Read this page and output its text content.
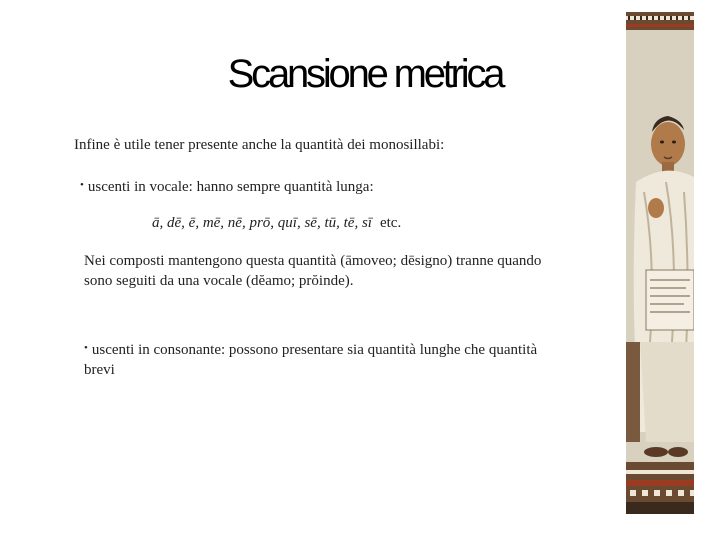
Scansione metrica
Infine è utile tener presente anche la quantità dei monosillabi:
• uscenti in vocale: hanno sempre quantità lunga:
ā, dē, ē, mē, nē, prō, quī, sē, tū, tē, sī etc.
Nei composti mantengono questa quantità (āmoveo; dēsigno) tranne quando
sono seguiti da una vocale (dĕamo; prŏinde).
• uscenti in consonante: possono presentare sia quantità lunghe che quantità
brevi
